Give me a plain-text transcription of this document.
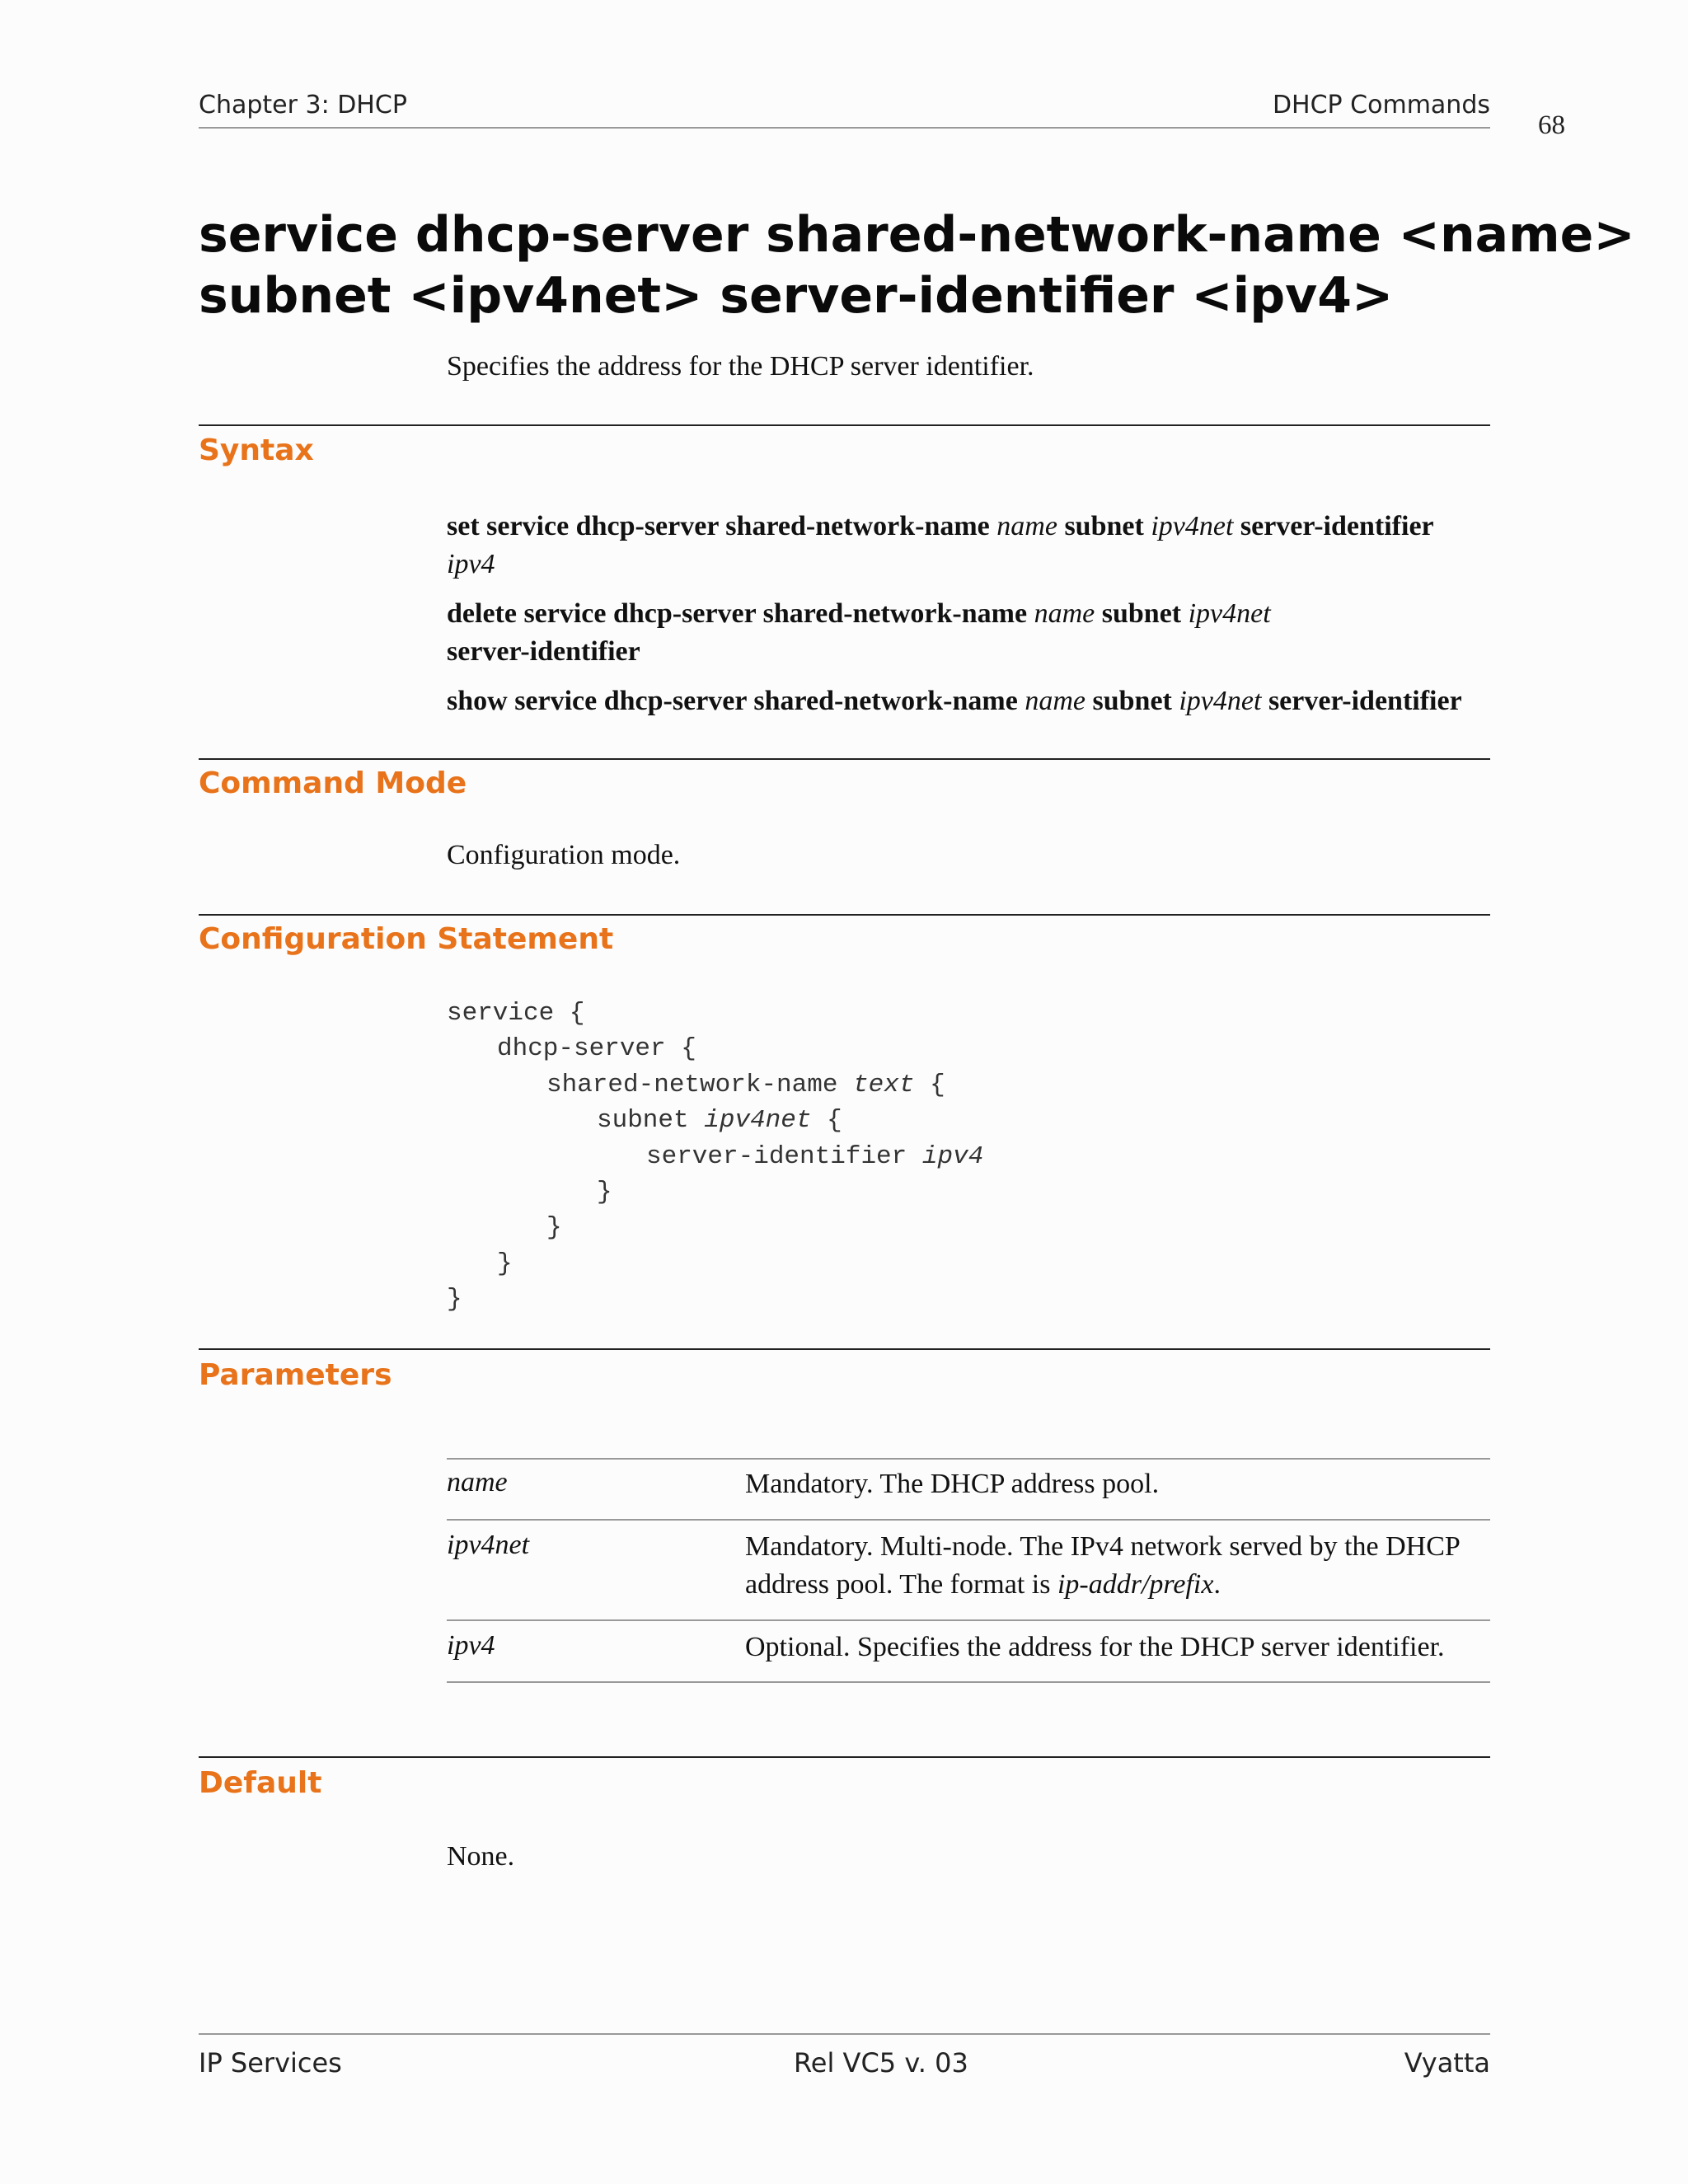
Chapter 3: DHCP	DHCP Commands
68
service dhcp-server shared-network-name <name>
subnet <ipv4net> server-identifier <ipv4>
Specifies the address for the DHCP server identifier.
Syntax
set service dhcp-server shared-network-name name subnet ipv4net server-identifier
ipv4
delete service dhcp-server shared-network-name name subnet ipv4net
server-identifier
show service dhcp-server shared-network-name name subnet ipv4net server-identifier
Command Mode
Configuration mode.
Configuration Statement
service {
dhcp-server {
shared-network-name text {
subnet ipv4net {
server-identifier ipv4
}
}
}
}
Parameters
name	Mandatory. The DHCP address pool.
ipv4net	Mandatory. Multi-node. The IPv4 network served by the DHCP address pool. The format is ip-addr/prefix.
ipv4	Optional. Specifies the address for the DHCP server identifier.
Default
None.
IP Services	Rel VC5 v. 03	Vyatta
